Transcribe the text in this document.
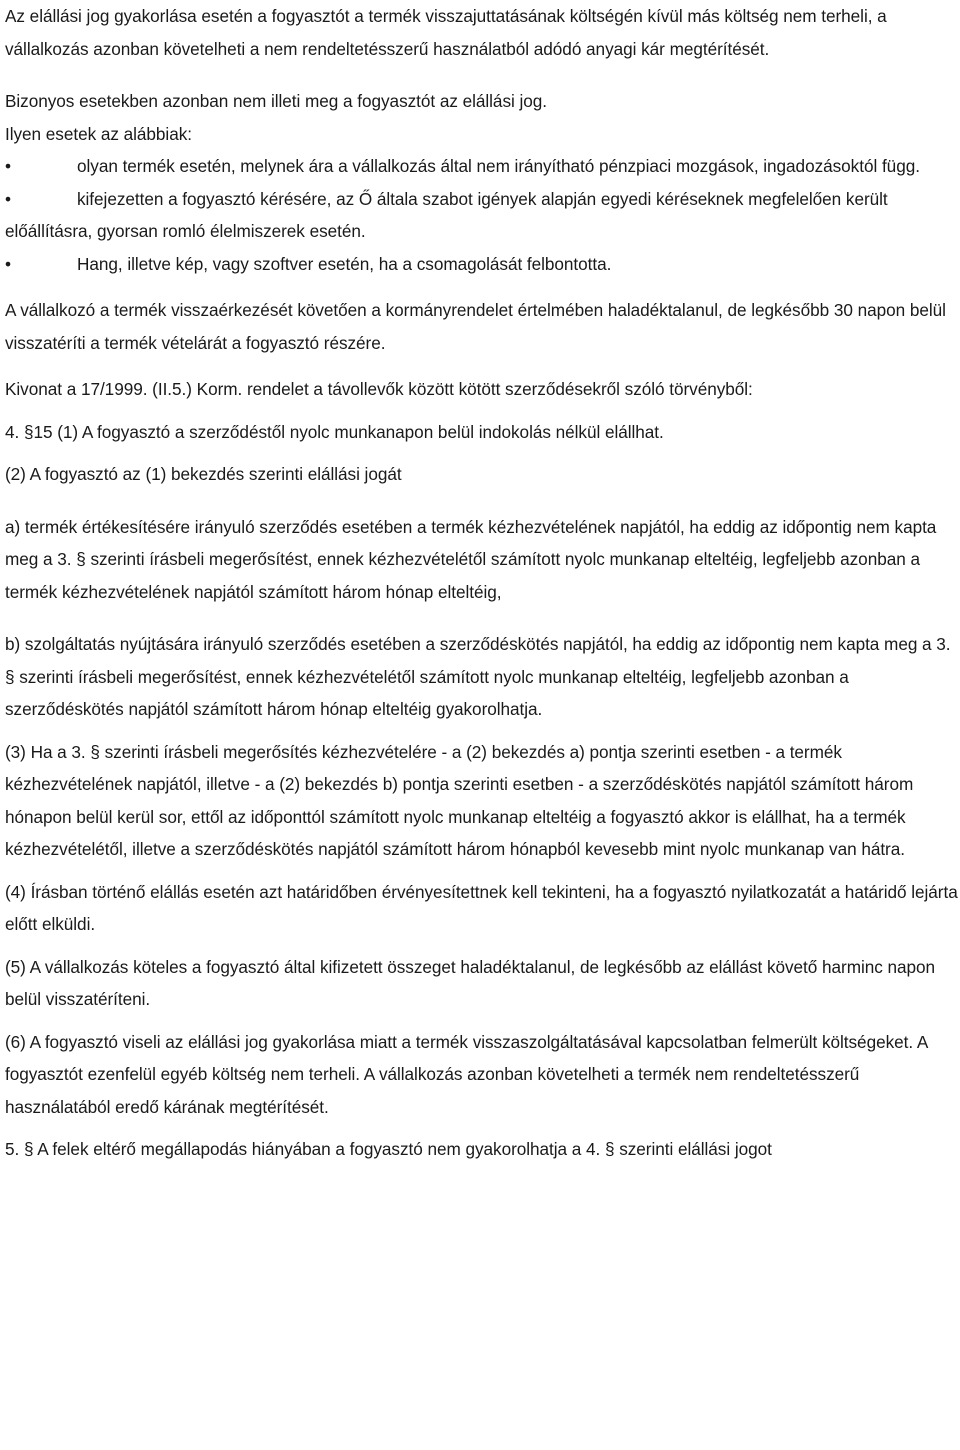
Az elállási jog gyakorlása esetén a fogyasztót a termék visszajuttatásának költségén kívül más költség nem terheli, a vállalkozás azonban követelheti a nem rendeltetésszerű használatból adódó anyagi kár megtérítését.

Bizonyos esetekben azonban nem illeti meg a fogyasztót az elállási jog.

Ilyen esetek az alábbiak:

•	olyan termék esetén, melynek ára a vállalkozás által nem irányítható pénzpiaci mozgások, ingadozásoktól függ.

•	kifejezetten a fogyasztó kérésére, az Ő általa szabot igények alapján egyedi kéréseknek megfelelően került előállításra, gyorsan romló élelmiszerek esetén.

•	Hang, illetve kép, vagy szoftver esetén, ha a csomagolását felbontotta.

A vállalkozó a termék visszaérkezését követően a kormányrendelet értelmében haladéktalanul, de legkésőbb 30 napon belül visszatéríti a termék vételárát a fogyasztó részére.

Kivonat a 17/1999. (II.5.) Korm. rendelet a távollevők között kötött szerződésekről szóló törvényből:

4. §15 (1) A fogyasztó a szerződéstől nyolc munkanapon belül indokolás nélkül elállhat.

(2) A fogyasztó az (1) bekezdés szerinti elállási jogát

a) termék értékesítésére irányuló szerződés esetében a termék kézhezvételének napjától, ha eddig az időpontig nem kapta meg a 3. § szerinti írásbeli megerősítést, ennek kézhezvételétől számított nyolc munkanap elteltéig, legfeljebb azonban a termék kézhezvételének napjától számított három hónap elteltéig,

b) szolgáltatás nyújtására irányuló szerződés esetében a szerződéskötés napjától, ha eddig az időpontig nem kapta meg a 3. § szerinti írásbeli megerősítést, ennek kézhezvételétől számított nyolc munkanap elteltéig, legfeljebb azonban a szerződéskötés napjától számított három hónap elteltéig gyakorolhatja.

(3) Ha a 3. § szerinti írásbeli megerősítés kézhezvételére - a (2) bekezdés a) pontja szerinti esetben - a termék kézhezvételének napjától, illetve - a (2) bekezdés b) pontja szerinti esetben - a szerződéskötés napjától számított három hónapon belül kerül sor, ettől az időponttól számított nyolc munkanap elteltéig a fogyasztó akkor is elállhat, ha a termék kézhezvételétől, illetve a szerződéskötés napjától számított három hónapból kevesebb mint nyolc munkanap van hátra.

(4) Írásban történő elállás esetén azt határidőben érvényesítettnek kell tekinteni, ha a fogyasztó nyilatkozatát a határidő lejárta előtt elküldi.

(5) A vállalkozás köteles a fogyasztó által kifizetett összeget haladéktalanul, de legkésőbb az elállást követő harminc napon belül visszatéríteni.

(6) A fogyasztó viseli az elállási jog gyakorlása miatt a termék visszaszolgáltatásával kapcsolatban felmerült költségeket. A fogyasztót ezenfelül egyéb költség nem terheli. A vállalkozás azonban követelheti a termék nem rendeltetésszerű használatából eredő kárának megtérítését.

5. § A felek eltérő megállapodás hiányában a fogyasztó nem gyakorolhatja a 4. § szerinti elállási jogot
